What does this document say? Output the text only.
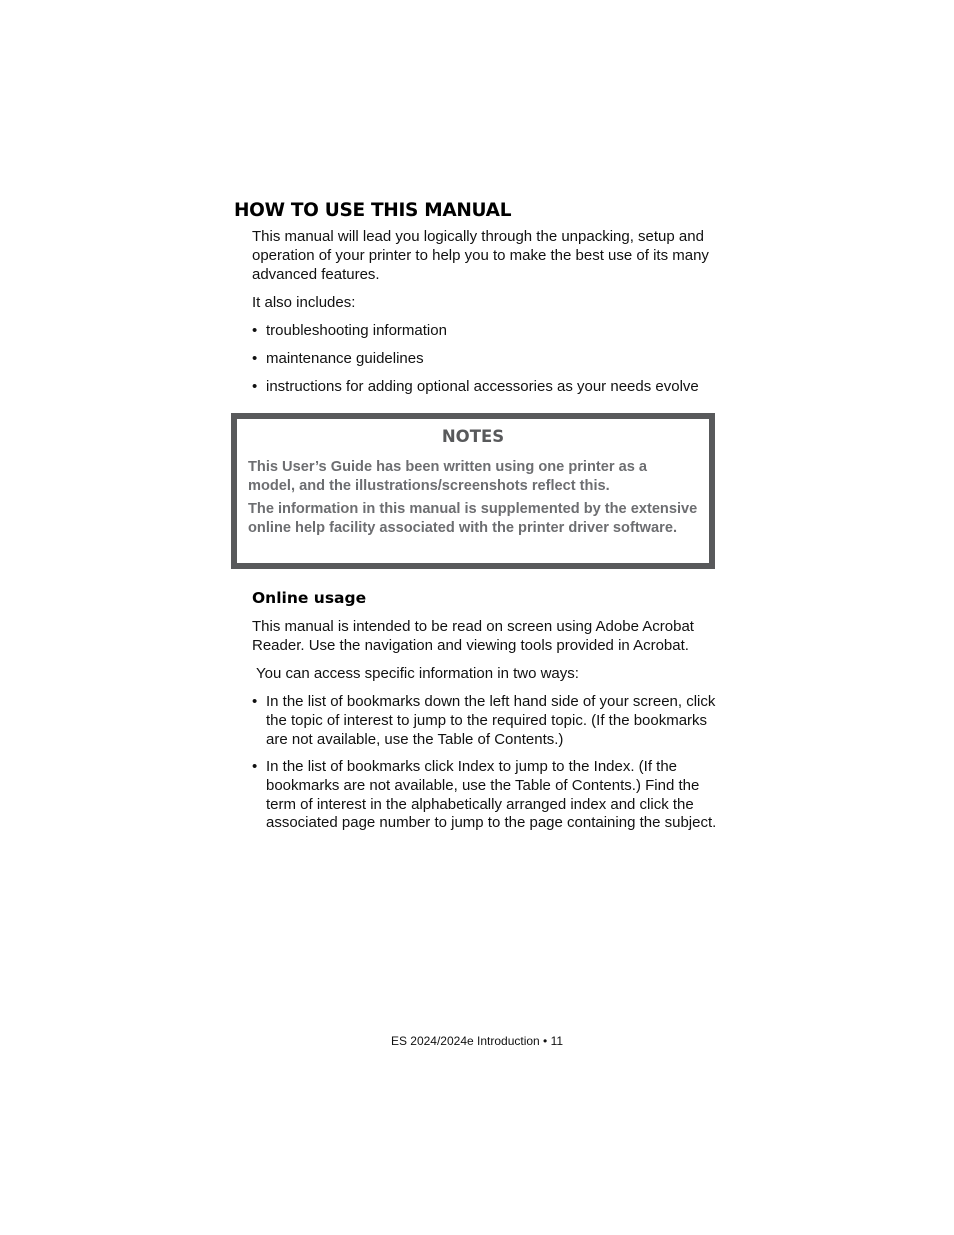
HOW TO USE THIS MANUAL

This manual will lead you logically through the unpacking, setup and operation of your printer to help you to make the best use of its many advanced features.

It also includes:

• troubleshooting information
• maintenance guidelines
• instructions for adding optional accessories as your needs evolve
NOTES

This User’s Guide has been written using one printer as a model, and the illustrations/screenshots reflect this.

The information in this manual is supplemented by the extensive online help facility associated with the printer driver software.

Online usage

This manual is intended to be read on screen using Adobe Acrobat Reader. Use the navigation and viewing tools provided in Acrobat.

You can access specific information in two ways:

• In the list of bookmarks down the left hand side of your screen, click the topic of interest to jump to the required topic. (If the bookmarks are not available, use the Table of Contents.)
• In the list of bookmarks click Index to jump to the Index. (If the bookmarks are not available, use the Table of Contents.) Find the term of interest in the alphabetically arranged index and click the associated page number to jump to the page containing the subject.

ES 2024/2024e Introduction • 11
